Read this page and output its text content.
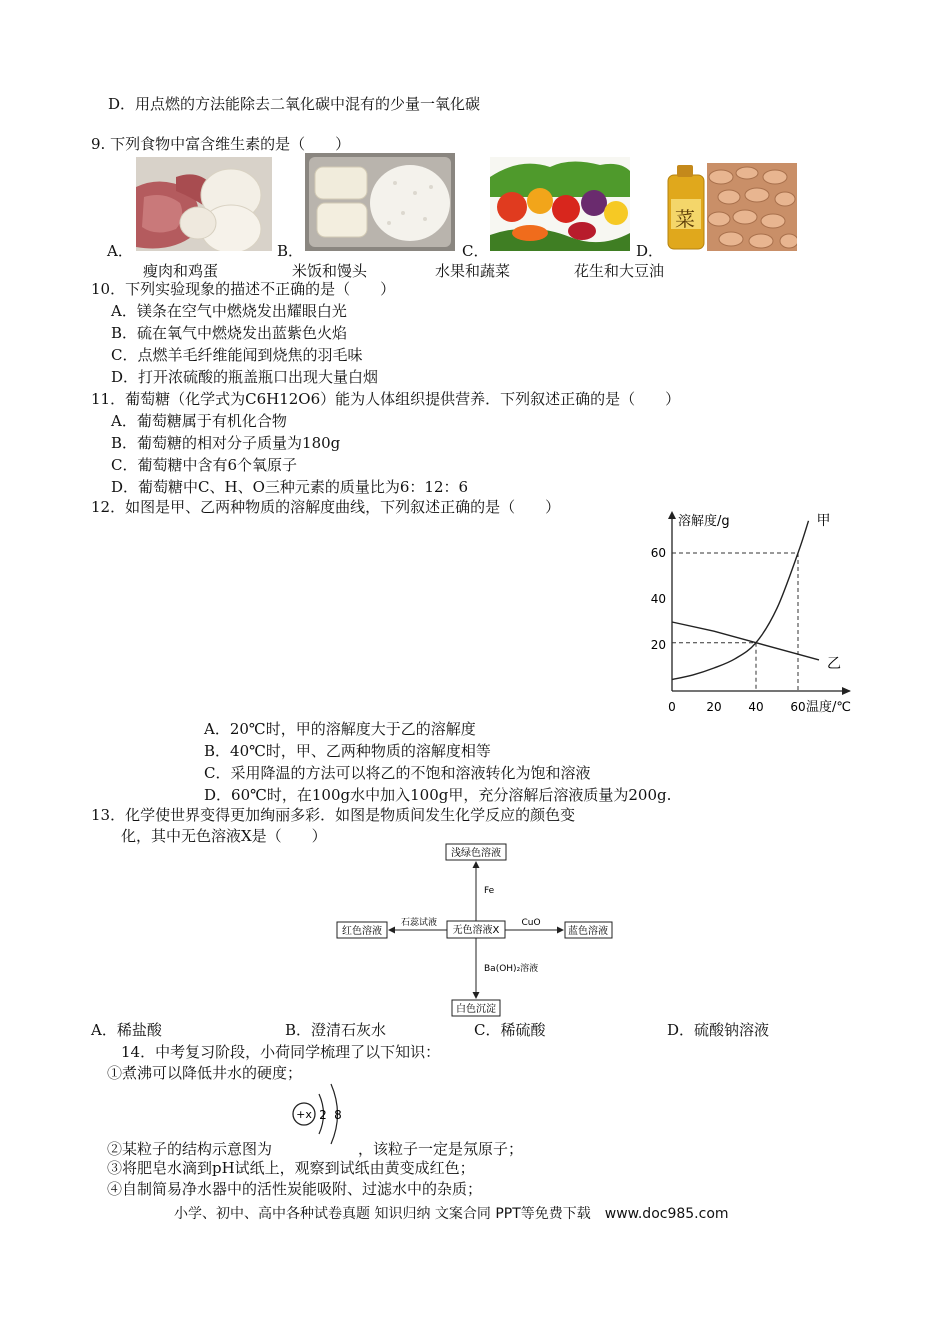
D．用点燃的方法能除去二氧化碳中混有的少量一氧化碳
9. 下列食物中富含维生素的是（　　）
A．
瘦肉和鸡蛋
B．
米饭和馒头
C．
水果和蔬菜
菜
D．
花生和大豆油
10．下列实验现象的描述不正确的是（　　）
A．镁条在空气中燃烧发出耀眼白光
B．硫在氧气中燃烧发出蓝紫色火焰
C．点燃羊毛纤维能闻到烧焦的羽毛味
D．打开浓硫酸的瓶盖瓶口出现大量白烟
11．葡萄糖（化学式为C6H12O6）能为人体组织提供营养．下列叙述正确的是（　　）
A．葡萄糖属于有机化合物
B．葡萄糖的相对分子质量为180g
C．葡萄糖中含有6个氧原子
D．葡萄糖中C、H、O三种元素的质量比为6：12：6
12．如图是甲、乙两种物质的溶解度曲线，下列叙述正确的是（　　）
20
40
60
0	20 40 60
溶解度/g
温度/℃
甲
乙
A．20℃时，甲的溶解度大于乙的溶解度
B．40℃时，甲、乙两种物质的溶解度相等
C．采用降温的方法可以将乙的不饱和溶液转化为饱和溶液
D．60℃时，在100g水中加入100g甲，充分溶解后溶液质量为200g.
13．化学使世界变得更加绚丽多彩．如图是物质间发生化学反应的颜色变
化，其中无色溶液X是（　　）
浅绿色溶液
红色溶液	无色溶液X	蓝色溶液
白色沉淀
Fe
石蕊试液	CuO
Ba(OH)₂溶液
A．稀盐酸	B．澄清石灰水	C．稀硫酸	D．硫酸钠溶液
14．中考复习阶段，小荷同学梳理了以下知识：
①煮沸可以降低井水的硬度；
+x 2 8
②某粒子的结构示意图为	，该粒子一定是氖原子；
③将肥皂水滴到pH试纸上，观察到试纸由黄变成红色；
④自制简易净水器中的活性炭能吸附、过滤水中的杂质；
小学、初中、高中各种试卷真题 知识归纳 文案合同 PPT等免费下载　www.doc985.com
